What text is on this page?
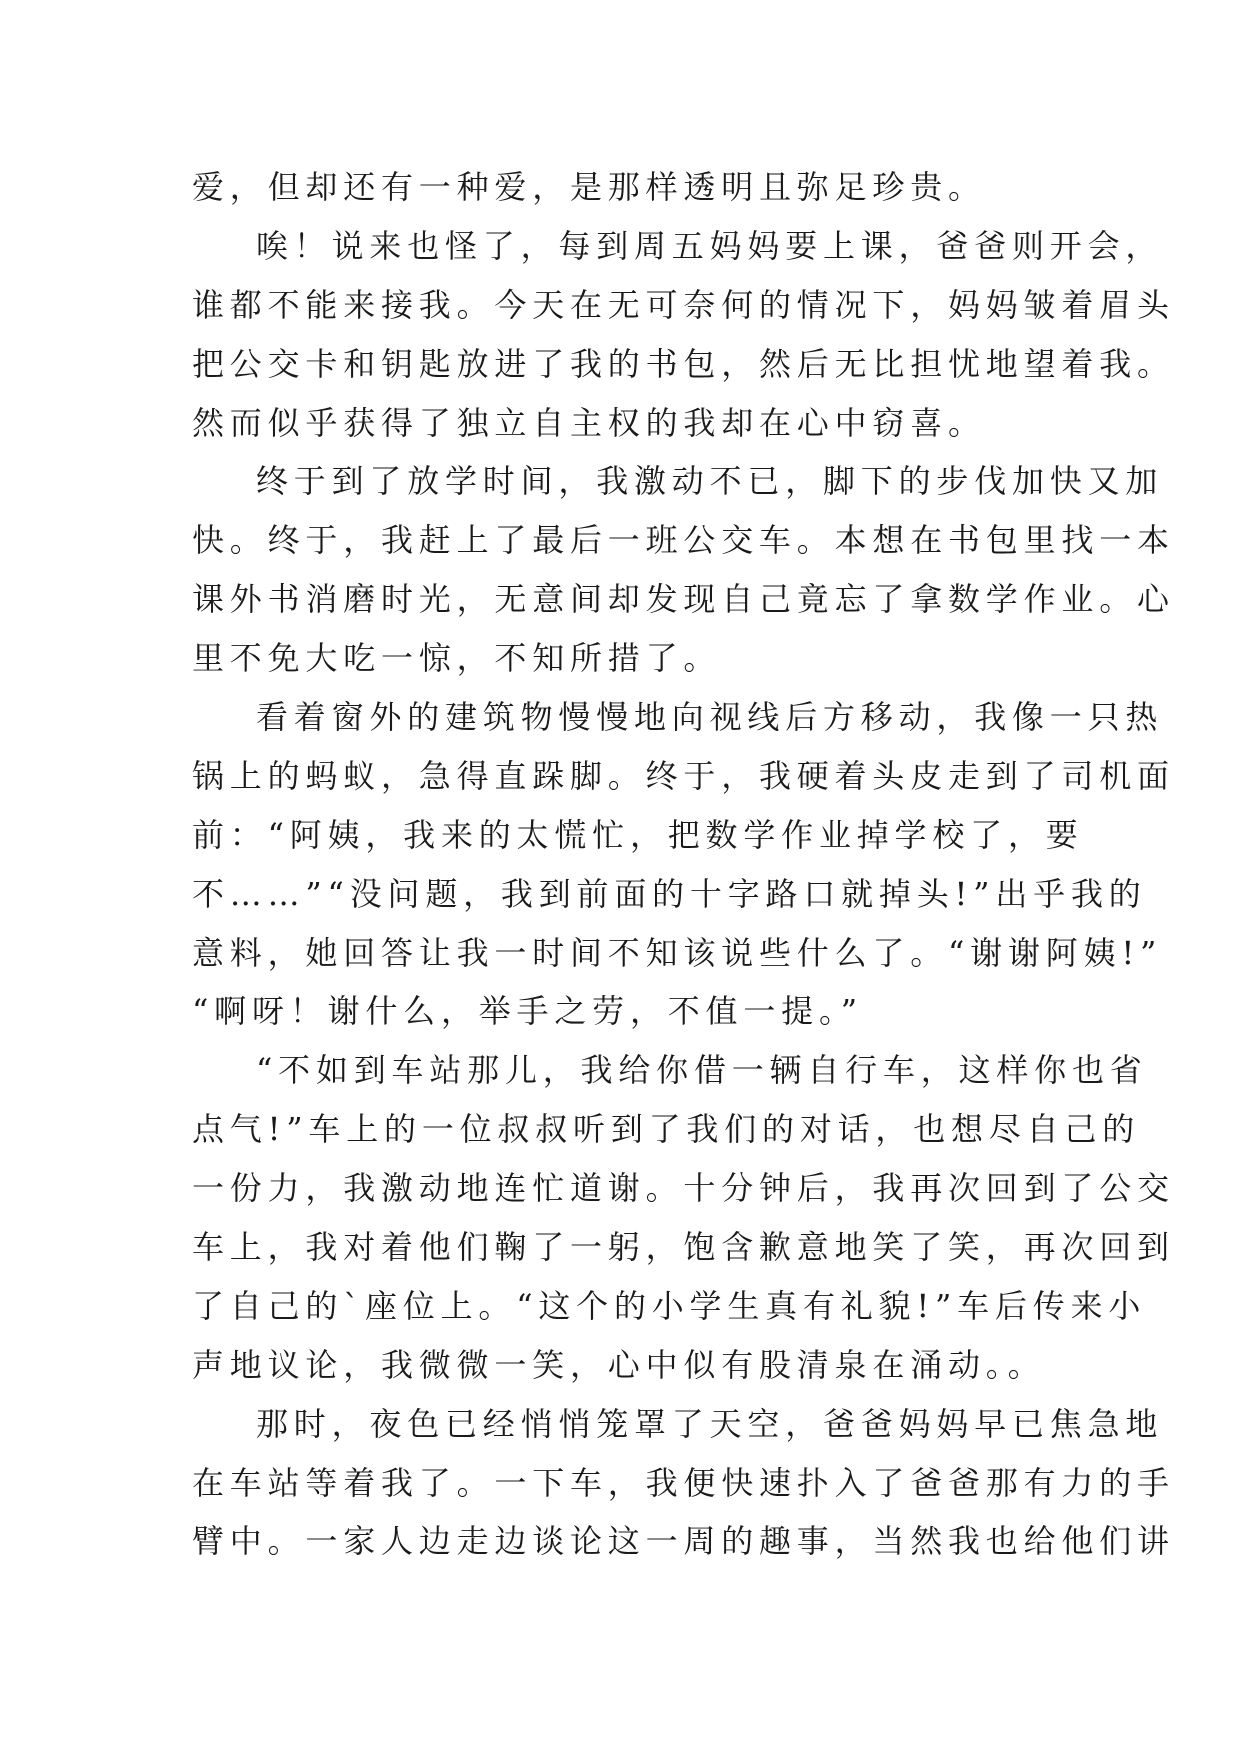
爱，但却还有一种爱，是那样透明且弥足珍贵。
唉！说来也怪了，每到周五妈妈要上课，爸爸则开会，
谁都不能来接我。今天在无可奈何的情况下，妈妈皱着眉头
把公交卡和钥匙放进了我的书包，然后无比担忧地望着我。
然而似乎获得了独立自主权的我却在心中窃喜。
终于到了放学时间，我激动不已，脚下的步伐加快又加
快。终于，我赶上了最后一班公交车。本想在书包里找一本
课外书消磨时光，无意间却发现自己竟忘了拿数学作业。心
里不免大吃一惊，不知所措了。
看着窗外的建筑物慢慢地向视线后方移动，我像一只热
锅上的蚂蚁，急得直跺脚。终于，我硬着头皮走到了司机面
前：“阿姨，我来的太慌忙，把数学作业掉学校了，要
不……”“没问题，我到前面的十字路口就掉头!”出乎我的
意料，她回答让我一时间不知该说些什么了。“谢谢阿姨!”
“啊呀！谢什么，举手之劳，不值一提。”
“不如到车站那儿，我给你借一辆自行车，这样你也省
点气!”车上的一位叔叔听到了我们的对话，也想尽自己的
一份力，我激动地连忙道谢。十分钟后，我再次回到了公交
车上，我对着他们鞠了一躬，饱含歉意地笑了笑，再次回到
了自己的`座位上。“这个的小学生真有礼貌!”车后传来小
声地议论，我微微一笑，心中似有股清泉在涌动。。
那时，夜色已经悄悄笼罩了天空，爸爸妈妈早已焦急地
在车站等着我了。一下车，我便快速扑入了爸爸那有力的手
臂中。一家人边走边谈论这一周的趣事，当然我也给他们讲
